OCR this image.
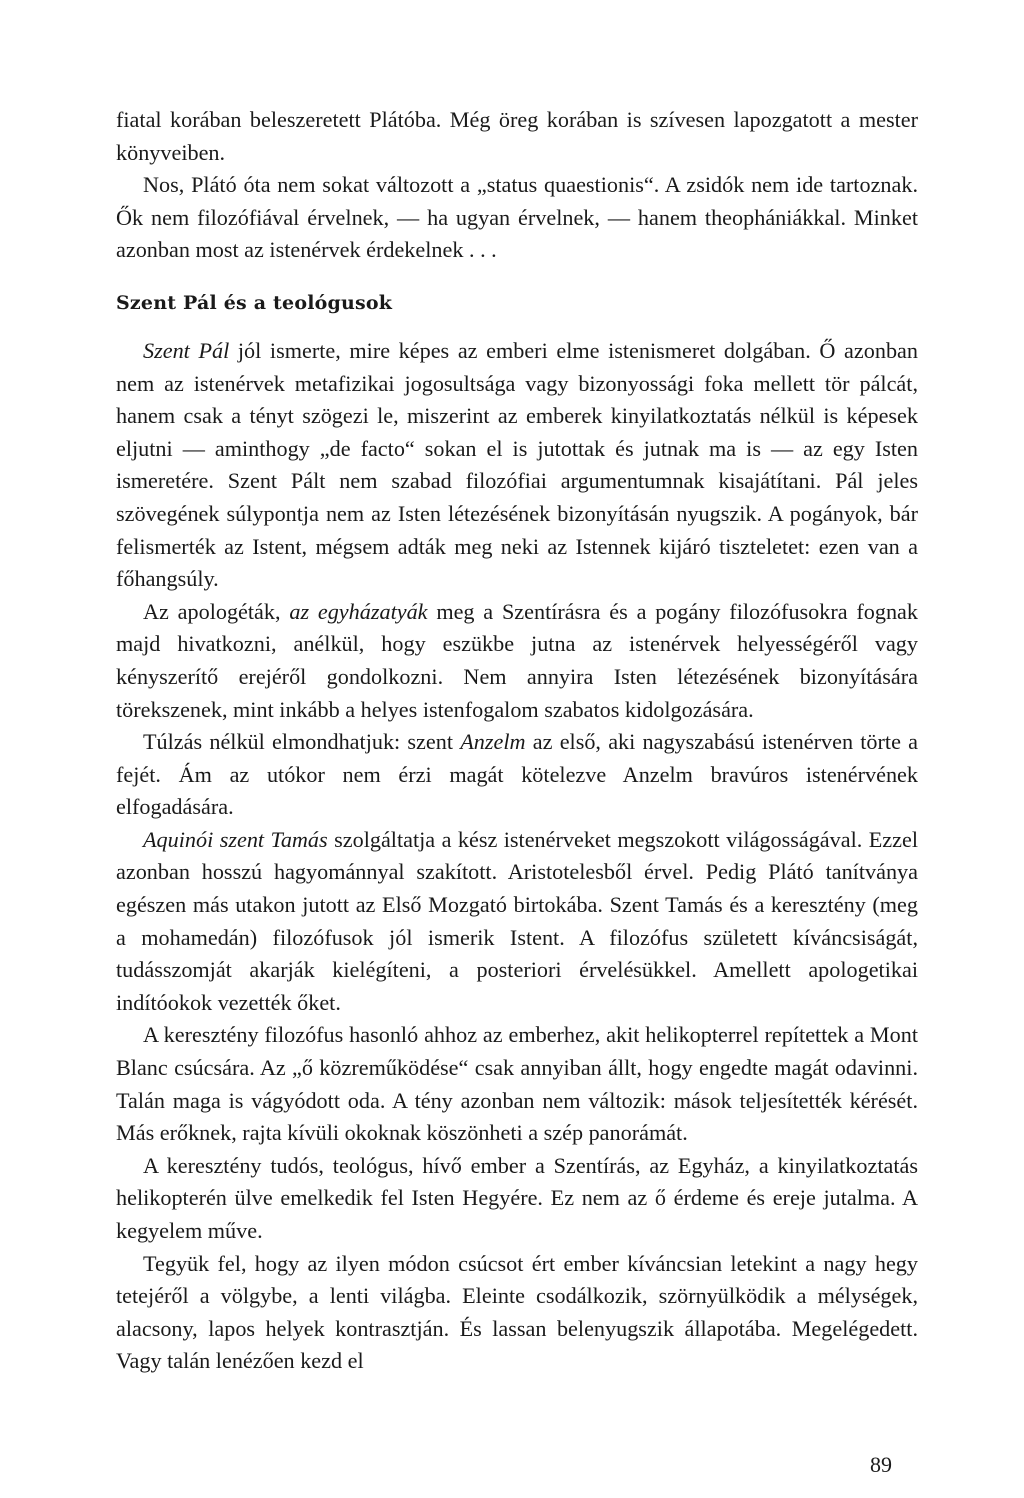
fiatal korában beleszeretett Plátóba. Még öreg korában is szívesen lapozgatott a mester könyveiben.

Nos, Plátó óta nem sokat változott a „status quaestionis“. A zsidók nem ide tartoznak. Ők nem filozófiával érvelnek, — ha ugyan érvelnek, — hanem theophániákkal. Minket azonban most az istenérvek érdekelnek . . .

Szent Pál és a teológusok

Szent Pál jól ismerte, mire képes az emberi elme istenismeret dolgában. Ő azonban nem az istenérvek metafizikai jogosultsága vagy bizonyossági foka mellett tör pálcát, hanem csak a tényt szögezi le, miszerint az emberek kinyilatkoztatás nélkül is képesek eljutni — aminthogy „de facto“ sokan el is jutottak és jutnak ma is — az egy Isten ismeretére. Szent Pált nem szabad filozófiai argumentumnak kisajátítani. Pál jeles szövegének súlypontja nem az Isten létezésének bizonyításán nyugszik. A pogányok, bár felismerték az Istent, mégsem adták meg neki az Istennek kijáró tiszteletet: ezen van a főhangsúly.

Az apologéták, az egyházatyák meg a Szentírásra és a pogány filozófusokra fognak majd hivatkozni, anélkül, hogy eszükbe jutna az istenérvek helyességéről vagy kényszerítő erejéről gondolkozni. Nem annyira Isten létezésének bizonyítására törekszenek, mint inkább a helyes istenfogalom szabatos kidolgozására.

Túlzás nélkül elmondhatjuk: szent Anzelm az első, aki nagyszabású istenérven törte a fejét. Ám az utókor nem érzi magát kötelezve Anzelm bravúros istenérvének elfogadására.

Aquinói szent Tamás szolgáltatja a kész istenérveket megszokott világosságával. Ezzel azonban hosszú hagyománnyal szakított. Aristotelesből érvel. Pedig Plátó tanítványa egészen más utakon jutott az Első Mozgató birtokába. Szent Tamás és a keresztény (meg a mohamedán) filozófusok jól ismerik Istent. A filozófus született kíváncsiságát, tudásszomját akarják kielégíteni, a posteriori érvelésükkel. Amellett apologetikai indítóokok vezették őket.

A keresztény filozófus hasonló ahhoz az emberhez, akit helikopterrel repítettek a Mont Blanc csúcsára. Az „ő közreműködése“ csak annyiban állt, hogy engedte magát odavinni. Talán maga is vágyódott oda. A tény azonban nem változik: mások teljesítették kérését. Más erőknek, rajta kívüli okoknak köszönheti a szép panorámát.

A keresztény tudós, teológus, hívő ember a Szentírás, az Egyház, a kinyilatkoztatás helikopterén ülve emelkedik fel Isten Hegyére. Ez nem az ő érdeme és ereje jutalma. A kegyelem műve.

Tegyük fel, hogy az ilyen módon csúcsot ért ember kíváncsian letekint a nagy hegy tetejéről a völgybe, a lenti világba. Eleinte csodálkozik, szörnyülködik a mélységek, alacsony, lapos helyek kontrasztján. És lassan belenyugszik állapotába. Megelégedett. Vagy talán lenézően kezd el

89
